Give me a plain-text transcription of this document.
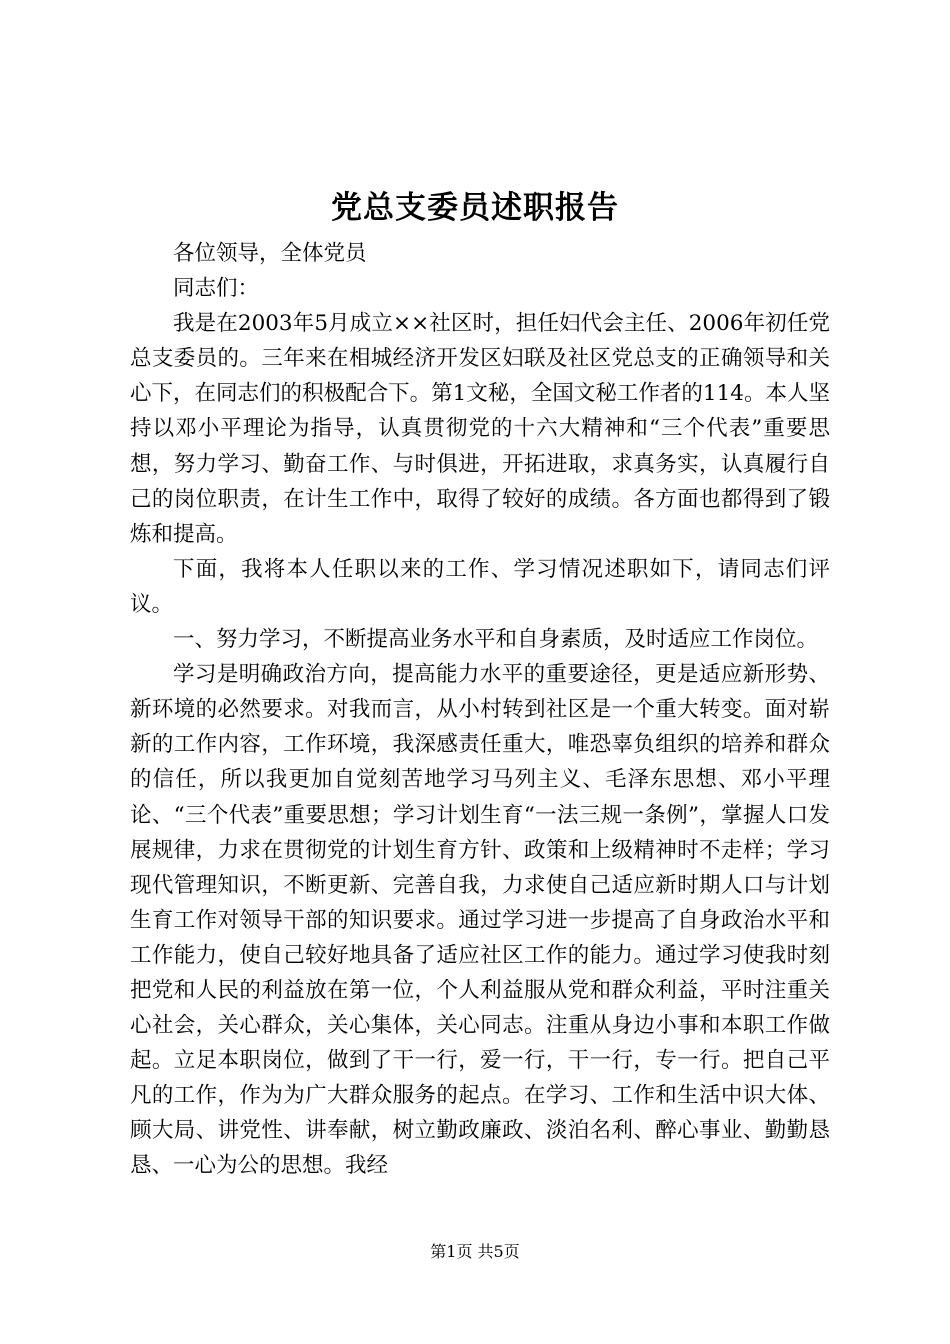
党总支委员述职报告

各位领导，全体党员

同志们：

我是在2003年5月成立××社区时，担任妇代会主任、2006年初任党总支委员的。三年来在相城经济开发区妇联及社区党总支的正确领导和关心下，在同志们的积极配合下。第1文秘，全国文秘工作者的114。本人坚持以邓小平理论为指导，认真贯彻党的十六大精神和“三个代表”重要思想，努力学习、勤奋工作、与时俱进，开拓进取，求真务实，认真履行自己的岗位职责，在计生工作中，取得了较好的成绩。各方面也都得到了锻炼和提高。

下面，我将本人任职以来的工作、学习情况述职如下，请同志们评议。

一、努力学习，不断提高业务水平和自身素质，及时适应工作岗位。

学习是明确政治方向，提高能力水平的重要途径，更是适应新形势、新环境的必然要求。对我而言，从小村转到社区是一个重大转变。面对崭新的工作内容，工作环境，我深感责任重大，唯恐辜负组织的培养和群众的信任，所以我更加自觉刻苦地学习马列主义、毛泽东思想、邓小平理论、“三个代表”重要思想；学习计划生育“一法三规一条例”，掌握人口发展规律，力求在贯彻党的计划生育方针、政策和上级精神时不走样；学习现代管理知识，不断更新、完善自我，力求使自己适应新时期人口与计划生育工作对领导干部的知识要求。通过学习进一步提高了自身政治水平和工作能力，使自己较好地具备了适应社区工作的能力。通过学习使我时刻把党和人民的利益放在第一位，个人利益服从党和群众利益，平时注重关心社会，关心群众，关心集体，关心同志。注重从身边小事和本职工作做起。立足本职岗位，做到了干一行，爱一行，干一行，专一行。把自己平凡的工作，作为为广大群众服务的起点。在学习、工作和生活中识大体、顾大局、讲党性、讲奉献，树立勤政廉政、淡泊名利、醉心事业、勤勤恳恳、一心为公的思想。我经

第1页 共5页
